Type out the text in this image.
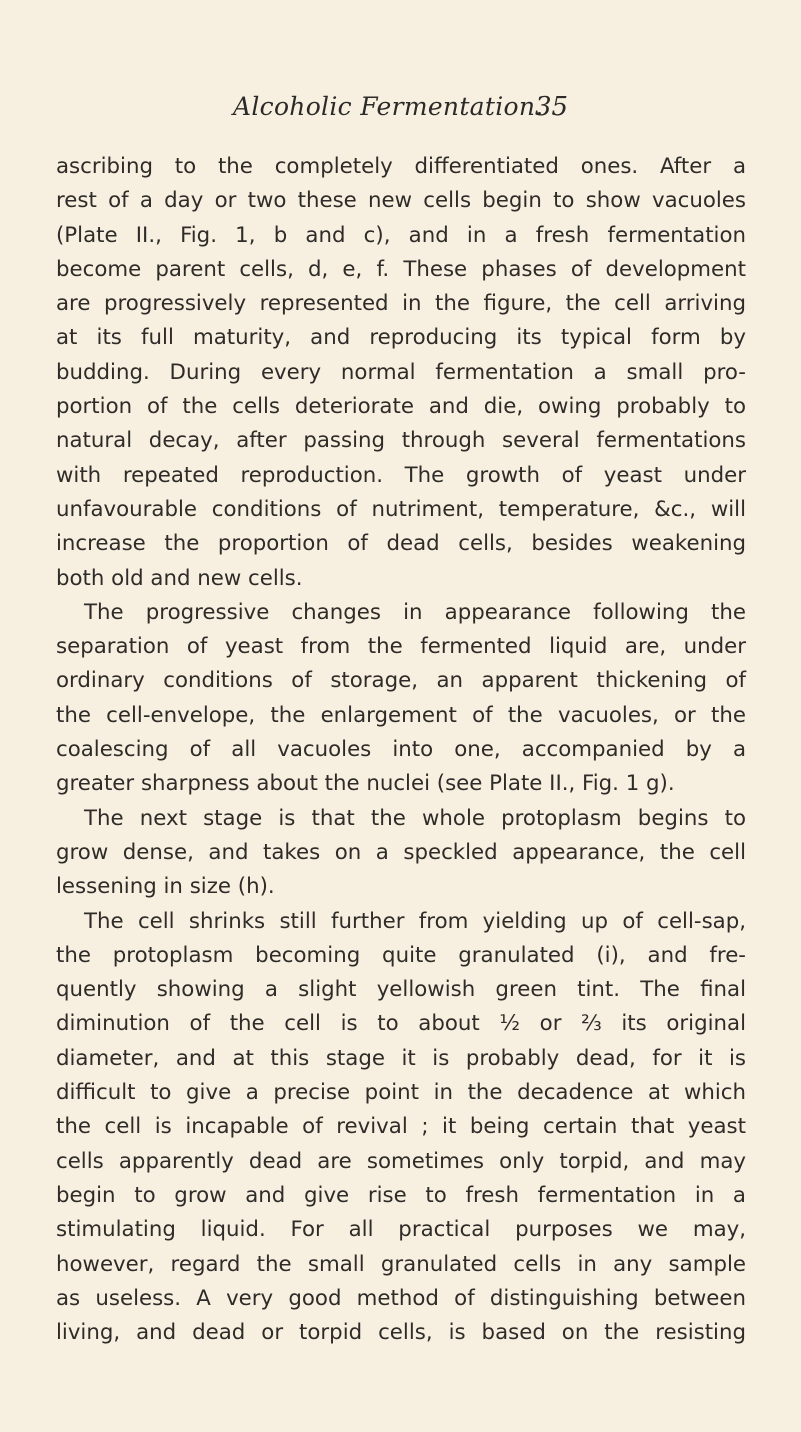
Alcoholic Fermentation.
35
ascribing to the completely differentiated ones. After a
rest of a day or two these new cells begin to show vacuoles
(Plate II., Fig. 1, b and c), and in a fresh fermentation
become parent cells, d, e, f. These phases of development
are progressively represented in the figure, the cell arriving
at its full maturity, and reproducing its typical form by
budding. During every normal fermentation a small pro-
portion of the cells deteriorate and die, owing probably to
natural decay, after passing through several fermentations
with repeated reproduction. The growth of yeast under
unfavourable conditions of nutriment, temperature, &c., will
increase the proportion of dead cells, besides weakening
both old and new cells.
The progressive changes in appearance following the
separation of yeast from the fermented liquid are, under
ordinary conditions of storage, an apparent thickening of
the cell-envelope, the enlargement of the vacuoles, or the
coalescing of all vacuoles into one, accompanied by a
greater sharpness about the nuclei (see Plate II., Fig. 1 g).
The next stage is that the whole protoplasm begins to
grow dense, and takes on a speckled appearance, the cell
lessening in size (h).
The cell shrinks still further from yielding up of cell-sap,
the protoplasm becoming quite granulated (i), and fre-
quently showing a slight yellowish green tint. The final
diminution of the cell is to about ½ or ⅔ its original
diameter, and at this stage it is probably dead, for it is
difficult to give a precise point in the decadence at which
the cell is incapable of revival ; it being certain that yeast
cells apparently dead are sometimes only torpid, and may
begin to grow and give rise to fresh fermentation in a
stimulating liquid. For all practical purposes we may,
however, regard the small granulated cells in any sample
as useless. A very good method of distinguishing between
living, and dead or torpid cells, is based on the resisting
